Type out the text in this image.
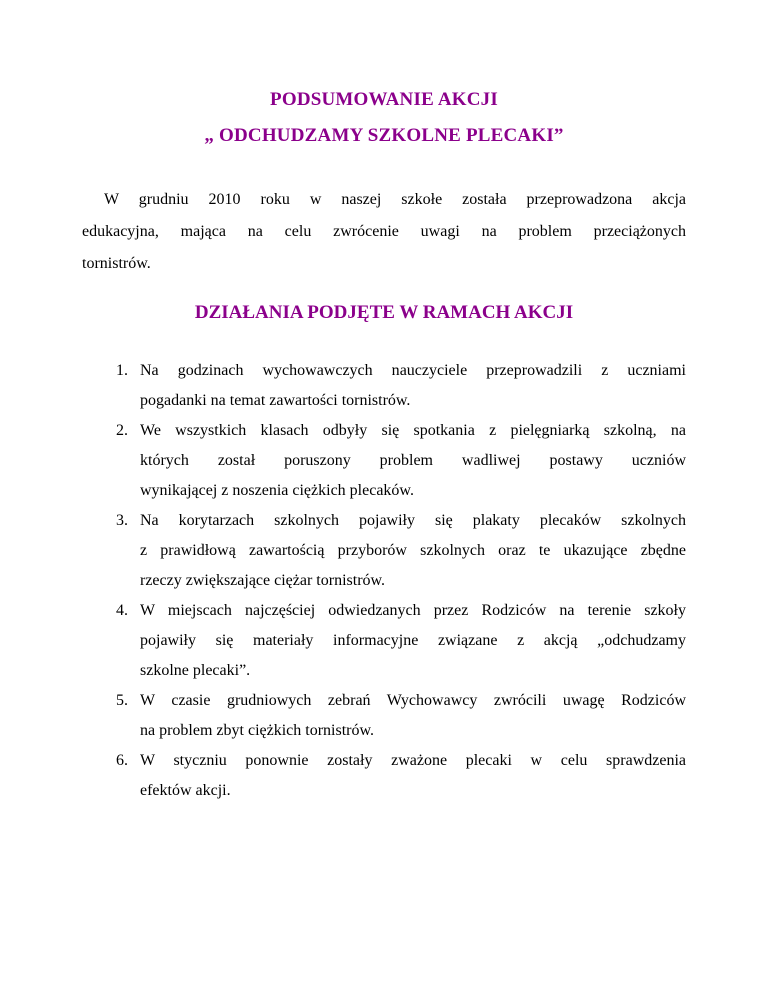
PODSUMOWANIE AKCJI
„ ODCHUDZAMY SZKOLNE PLECAKI”

W grudniu 2010 roku w naszej szkołe została przeprowadzona akcja
edukacyjna, mająca na celu zwrócenie uwagi na problem przeciążonych
tornistrów.

DZIAŁANIA PODJĘTE W RAMACH AKCJI
1. Na godzinach wychowawczych nauczyciele przeprowadzili z uczniami
pogadanki na temat zawartości tornistrów.
2. We wszystkich klasach odbyły się spotkania z pielęgniarką szkolną, na
których został poruszony problem wadliwej postawy uczniów
wynikającej z noszenia ciężkich plecaków.
3. Na korytarzach szkolnych pojawiły się plakaty plecaków szkolnych
z prawidłową zawartością przyborów szkolnych oraz te ukazujące zbędne
rzeczy zwiększające ciężar tornistrów.
4. W miejscach najczęściej odwiedzanych przez Rodziców na terenie szkoły
pojawiły się materiały informacyjne związane z akcją „odchudzamy
szkolne plecaki”.
5. W czasie grudniowych zebrań Wychowawcy zwrócili uwagę Rodziców
na problem zbyt ciężkich tornistrów.
6. W styczniu ponownie zostały zważone plecaki w celu sprawdzenia
efektów akcji.
